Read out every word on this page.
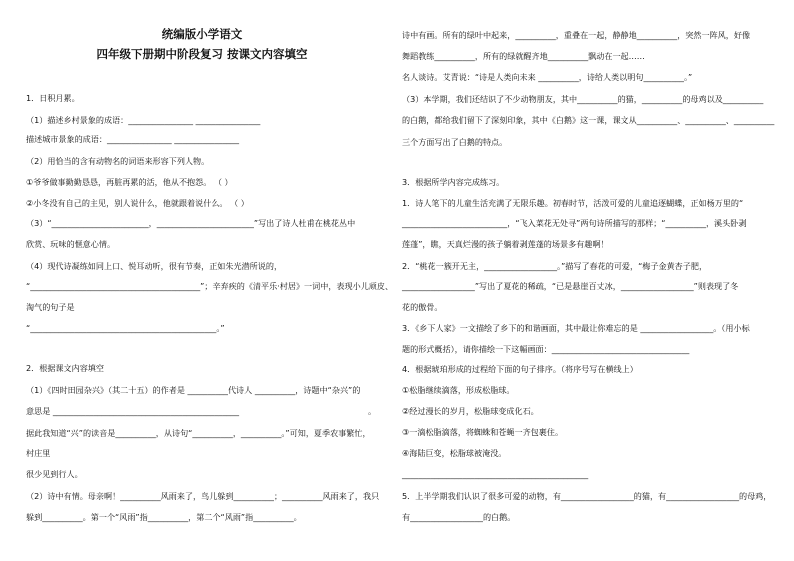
统编版小学语文
四年级下册期中阶段复习 按课文内容填空
1．日积月累。
（1）描述乡村景象的成语：________________ ________________
描述城市景象的成语：________________ ________________
（2）用恰当的含有动物名的词语来形容下列人物。
①爷爷做事勤勤恳恳，再脏再累的活，他从不抱怨。 （ ）
②小冬没有自己的主见，别人说什么，他就跟着说什么。 （ ）
（3）“________________________，________________________”写出了诗人杜甫在桃花丛中
欣赏、玩味的惬意心情。
（4）现代诗凝练如同上口、悦耳动听，很有节奏，正如朱光潜所说的，
“__________________________________________”；辛弃疾的《清平乐·村居》一词中，表现小儿顽皮、
淘气的句子是
“______________________________________________。”
2．根据课文内容填空
（1）《四时田园杂兴》（其二十五）的作者是 __________代诗人 __________，诗题中“杂兴”的
意思是 ______________________________________________	。
据此我知道“兴”的读音是__________，从诗句“__________，__________。”可知，夏季农事繁忙，
村庄里
很少见到行人。
（2）诗中有情。母亲啊！__________风雨来了，鸟儿躲到__________；__________风雨来了，我只
躲到__________。第一个“风雨”指__________，第二个“风雨”指__________。
诗中有画。所有的绿叶中起来，__________，重叠在一起，静静地__________，突然一阵风，好像
舞蹈教练__________，所有的绿就醒齐地__________飘动在一起……
名人谈诗。艾青说：“诗是人类向未来 __________，诗给人类以明句__________。”
（3）本学期，我们还结识了不少动物朋友，其中__________的猫，__________的母鸡以及__________
的白鹅，都给我们留下了深刻印象，其中《白鹅》这一课，课文从__________、__________、__________
三个方面写出了白鹅的特点。
3．根据所学内容完成练习。
1．诗人笔下的儿童生活充满了无限乐趣。初春时节，活泼可爱的儿童追逐蝴蝶，正如杨万里的“
__________________________，“飞入菜花无处寻”两句诗所描写的那样；“__________，溪头卧剥
莲蓬”，瞧，天真烂漫的孩子躺着剥莲蓬的场景多有趣啊！
2．“桃花一簇开无主，__________________。”描写了春花的可爱，“梅子金黄杏子肥，
__________________”写出了夏花的稀疏，“已是悬崖百丈冰，__________________”则表现了冬
花的傲骨。
3．《乡下人家》一文描绘了乡下的和谐画面，其中最让你难忘的是 __________________。（用小标
题的形式概括），请你描绘一下这幅画面：__________________________________
4．根据琥珀形成的过程给下面的句子排序。（将序号写在横线上）
①松脂继续滴落，形成松脂球。
②经过漫长的岁月，松脂球变成化石。
③一滴松脂滴落，将蜘蛛和苍蝇一齐包裹住。
④海陆巨变，松脂球被淹没。
______________________________________________
5．上半学期我们认识了很多可爱的动物，有__________________的猫，有__________________的母鸡，
有__________________的白鹅。
